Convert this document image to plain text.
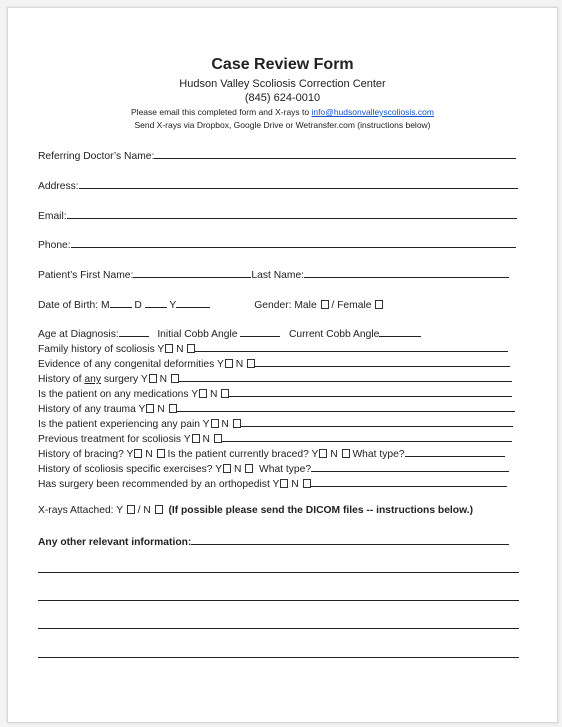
Case Review Form
Hudson Valley Scoliosis Correction Center
(845) 624-0010
Please email this completed form and X-rays to info@hudsonvalleyscoliosis.com
Send X-rays via Dropbox, Google Drive or Wetransfer.com (instructions below)
Referring Doctor’s Name:
Address:
Email:
Phone:
Patient’s First Name:	Last Name:
Date of Birth: M D	Y	Gender: Male / Female
Age at Diagnosis:	Initial Cobb Angle	Current Cobb Angle
Family history of scoliosis Y N
Evidence of any congenital deformities Y N
History of any surgery Y N
Is the patient on any medications Y N
History of any trauma Y N
Is the patient experiencing any pain Y N
Previous treatment for scoliosis Y N
History of bracing? Y N Is the patient currently braced? Y N What type?
History of scoliosis specific exercises? Y N What type?
Has surgery been recommended by an orthopedist Y N
X-rays Attached: Y / N (If possible please send the DICOM files -- instructions below.)
Any other relevant information:
